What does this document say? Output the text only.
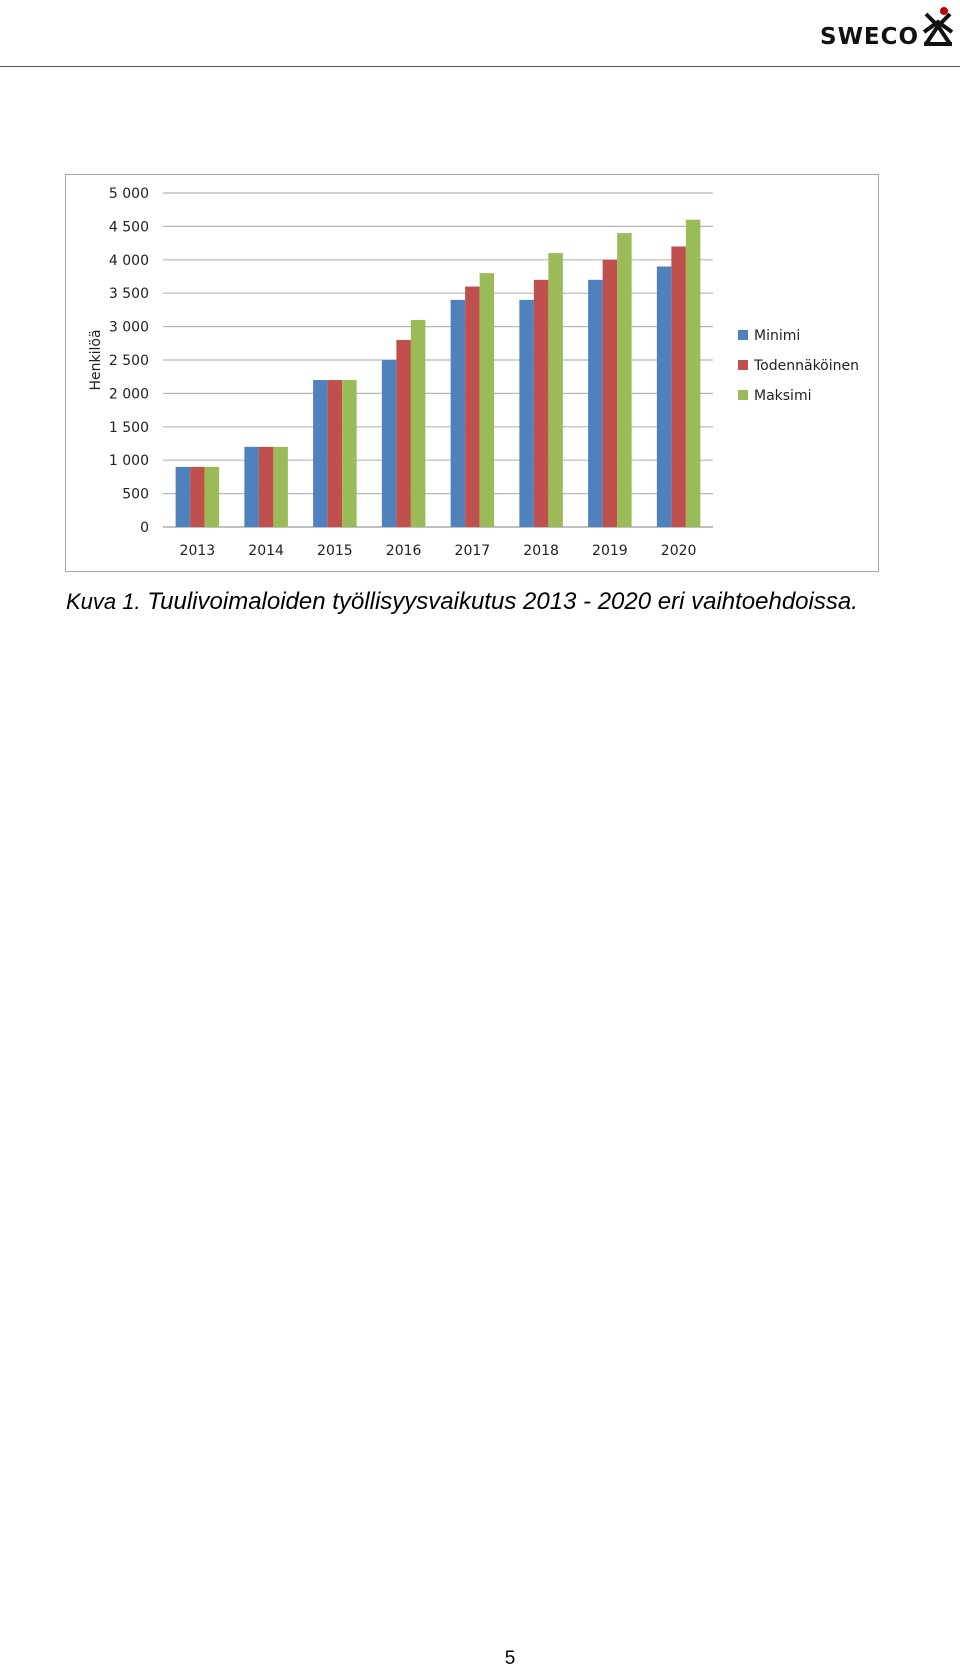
SWECO
0
500
1 000
1 500
2 000
2 500
3 000
3 500
4 000
4 500
5 000
Henkilöä
2013 2014 2015 2016 2017 2018 2019 2020
Minimi
Todennäköinen
Maksimi
Kuva 1. Tuulivoimaloiden työllisyysvaikutus 2013 - 2020 eri vaihtoehdoissa.
5
